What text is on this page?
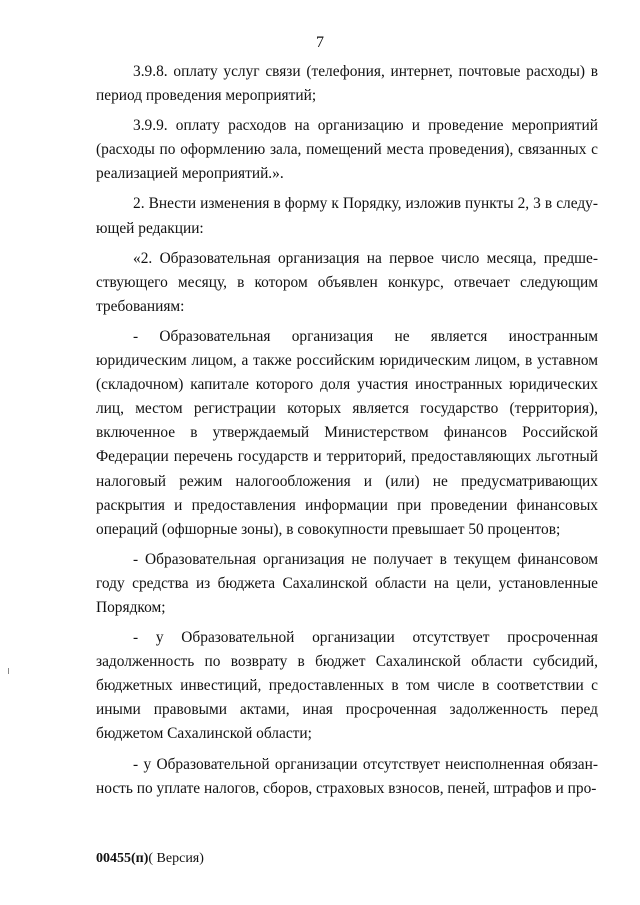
7

3.9.8. оплату услуг связи (телефония, интернет, почтовые расходы) в период проведения мероприятий;

3.9.9. оплату расходов на организацию и проведение мероприятий (расходы по оформлению зала, помещений места проведения), связанных с реализацией мероприятий.».

2. Внести изменения в форму к Порядку, изложив пункты 2, 3 в следующей редакции:

«2. Образовательная организация на первое число месяца, предшествующего месяцу, в котором объявлен конкурс, отвечает следующим требованиям:

- Образовательная организация не является иностранным юридическим лицом, а также российским юридическим лицом, в уставном (складочном) капитале которого доля участия иностранных юридических лиц, местом регистрации которых является государство (территория), включенное в утверждаемый Министерством финансов Российской Федерации перечень государств и территорий, предоставляющих льготный налоговый режим налогообложения и (или) не предусматривающих раскрытия и предоставления информации при проведении финансовых операций (офшорные зоны), в совокупности превышает 50 процентов;

- Образовательная организация не получает в текущем финансовом году средства из бюджета Сахалинской области на цели, установленные Порядком;

- у Образовательной организации отсутствует просроченная задолженность по возврату в бюджет Сахалинской области субсидий, бюджетных инвестиций, предоставленных в том числе в соответствии с иными правовыми актами, иная просроченная задолженность перед бюджетом Сахалинской области;

- у Образовательной организации отсутствует неисполненная обязанность по уплате налогов, сборов, страховых взносов, пеней, штрафов и про-

00455(п)( Версия)
